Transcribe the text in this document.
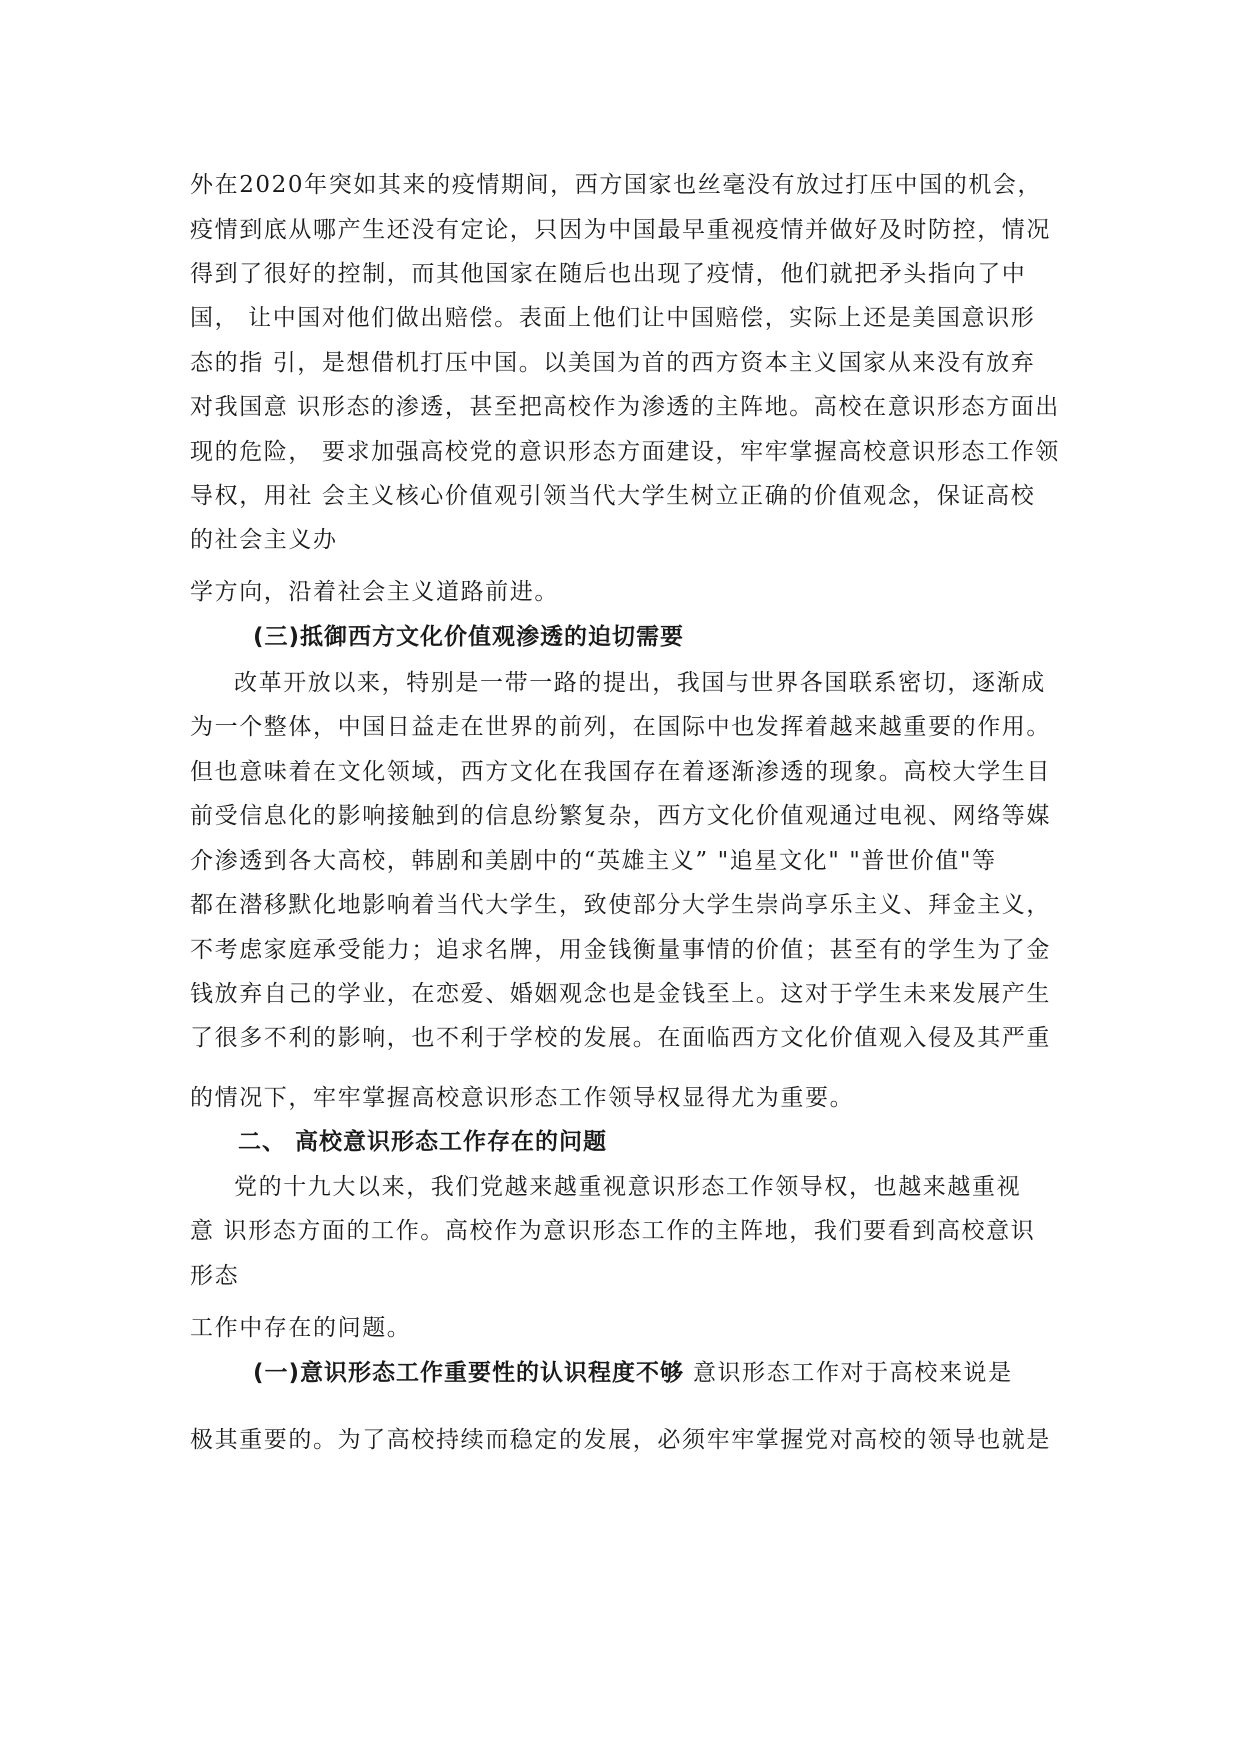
外在2020年突如其来的疫情期间，西方国家也丝毫没有放过打压中国的机会，
疫情到底从哪产生还没有定论，只因为中国最早重视疫情并做好及时防控，情况
得到了很好的控制，而其他国家在随后也出现了疫情，他们就把矛头指向了中
国， 让中国对他们做出赔偿。表面上他们让中国赔偿，实际上还是美国意识形
态的指 引，是想借机打压中国。以美国为首的西方资本主义国家从来没有放弃
对我国意 识形态的渗透，甚至把高校作为渗透的主阵地。高校在意识形态方面出
现的危险， 要求加强高校党的意识形态方面建设，牢牢掌握高校意识形态工作领
导权，用社 会主义核心价值观引领当代大学生树立正确的价值观念，保证高校
的社会主义办
学方向，沿着社会主义道路前进。
(三)抵御西方文化价值观渗透的迫切需要
改革开放以来，特别是一带一路的提出，我国与世界各国联系密切，逐渐成
为一个整体，中国日益走在世界的前列，在国际中也发挥着越来越重要的作用。
但也意味着在文化领域，西方文化在我国存在着逐渐渗透的现象。高校大学生目
前受信息化的影响接触到的信息纷繁复杂，西方文化价值观通过电视、网络等媒
介渗透到各大高校，韩剧和美剧中的“英雄主义” "追星文化" "普世价值"等
都在潜移默化地影响着当代大学生，致使部分大学生崇尚享乐主义、拜金主义，
不考虑家庭承受能力；追求名牌，用金钱衡量事情的价值；甚至有的学生为了金
钱放弃自己的学业，在恋爱、婚姻观念也是金钱至上。这对于学生未来发展产生
了很多不利的影响，也不利于学校的发展。在面临西方文化价值观入侵及其严重
的情况下，牢牢掌握高校意识形态工作领导权显得尤为重要。
二、 高校意识形态工作存在的问题
党的十九大以来，我们党越来越重视意识形态工作领导权，也越来越重视
意 识形态方面的工作。高校作为意识形态工作的主阵地，我们要看到高校意识
形态
工作中存在的问题。
(一)意识形态工作重要性的认识程度不够 意识形态工作对于高校来说是
极其重要的。为了高校持续而稳定的发展，必须牢牢掌握党对高校的领导也就是
